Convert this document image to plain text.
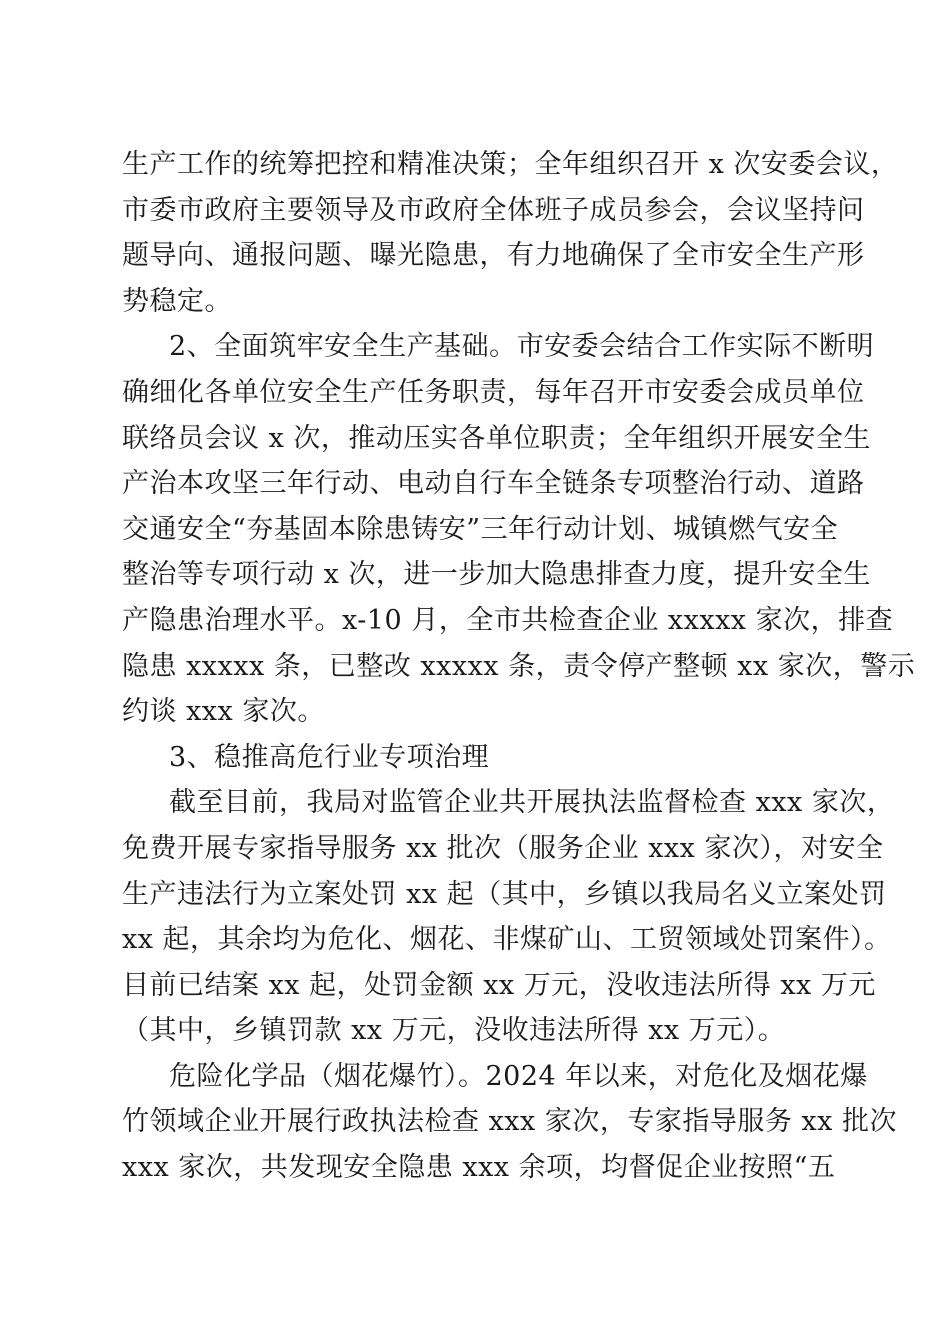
生产工作的统筹把控和精准决策；全年组织召开 x 次安委会议，
市委市政府主要领导及市政府全体班子成员参会，会议坚持问
题导向、通报问题、曝光隐患，有力地确保了全市安全生产形
势稳定。
2、全面筑牢安全生产基础。市安委会结合工作实际不断明
确细化各单位安全生产任务职责，每年召开市安委会成员单位
联络员会议 x 次，推动压实各单位职责；全年组织开展安全生
产治本攻坚三年行动、电动自行车全链条专项整治行动、道路
交通安全“夯基固本除患铸安”三年行动计划、城镇燃气安全
整治等专项行动 x 次，进一步加大隐患排查力度，提升安全生
产隐患治理水平。x-10 月，全市共检查企业 xxxxx 家次，排查
隐患 xxxxx 条，已整改 xxxxx 条，责令停产整顿 xx 家次，警示
约谈 xxx 家次。
3、稳推高危行业专项治理
截至目前，我局对监管企业共开展执法监督检查 xxx 家次，
免费开展专家指导服务 xx 批次（服务企业 xxx 家次），对安全
生产违法行为立案处罚 xx 起（其中，乡镇以我局名义立案处罚
xx 起，其余均为危化、烟花、非煤矿山、工贸领域处罚案件）。
目前已结案 xx 起，处罚金额 xx 万元，没收违法所得 xx 万元
（其中，乡镇罚款 xx 万元，没收违法所得 xx 万元）。
危险化学品（烟花爆竹）。2024 年以来，对危化及烟花爆
竹领域企业开展行政执法检查 xxx 家次，专家指导服务 xx 批次
xxx 家次，共发现安全隐患 xxx 余项，均督促企业按照“五
